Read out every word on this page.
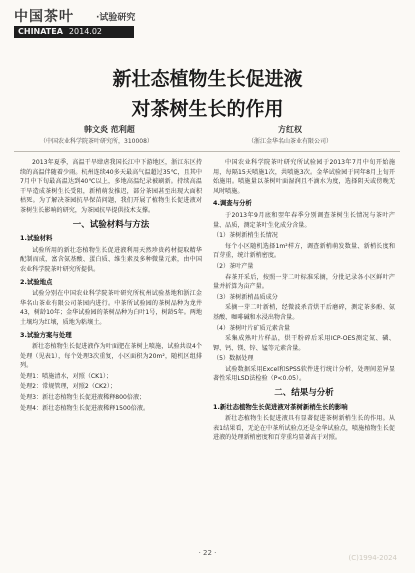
中国茶叶 ·试验研究
CHINATEA 2014.02
新壮态植物生长促进液
对茶树生长的作用
韩文炎 范利超	方红权
（中国农业科学院茶叶研究所，310008）	（浙江金华名山茶业有限公司）

2013年夏季，高温干旱肆虐我国长江中下游地区，浙江东区持续的高温伴随着少雨。杭州连续40多天最高气温超过35℃，且其中7月中下旬最高温达到40℃以上，多地高温纪录被刷新。持续高温干旱造成茶树生长受阻，新梢萌发推迟，部分茶园甚至出现大面积枯死。为了解决茶园抗旱保苗问题，我们开展了植物生长促进液对茶树生长影响的研究，为茶园抗旱提供技术支撑。

一、试验材料与方法
1.试验材料

试验所用的新壮态植物生长促进液利用天然珍贵药材提取精华配制而成，富含氨基酸、蛋白质、维生素及多种微量元素，由中国农业科学院茶叶研究所提供。

2.试验地点

试验分别在中国农业科学院茶叶研究所杭州试验基地和浙江金华名山茶业有限公司茶园内进行。中茶所试验园的茶树品种为龙井43，树龄10年；金华试验园的茶树品种为白叶1号，树龄5年。两地土壤均为红壤，质地为粘壤土。

3.试验方案与处理

新壮态植物生长促进液作为叶面肥在茶树上喷施，试验共设4个处理（见表1），每个处理3次重复，小区面积为20m²，随机区组排列。

处理1：喷施清水，对照（CK1）；

处理2：常规管理，对照2（CK2）；

处理3：新壮态植物生长促进液稀释800倍液；

处理4：新壮态植物生长促进液稀释1500倍液。

中国农业科学院茶叶研究所试验园于2013年7月中旬开始施用，每隔15天喷施1次，共喷施3次。金华试验园于同年8月上旬开始施用。喷施量以茶树叶面湿润且不滴水为度，选择阴天或傍晚无风时喷施。

4.调查与分析

于2013年9月底和翌年春季分别调查茶树生长情况与茶叶产量、品质，测定茶叶生化成分含量。

（1）茶树新梢生长情况

每个小区随机选择1m²样方，调查新梢萌发数量、新梢长度和百芽重，统计新梢密度。

（2）茶叶产量

春茶开采后，按照一芽二叶标准采摘，分批记录各小区鲜叶产量并折算为亩产量。

（3）茶树新梢品质成分

采摘一芽二叶新梢，经微波杀青烘干后磨碎，测定茶多酚、氨基酸、咖啡碱和水浸出物含量。

（4）茶树叶片矿质元素含量

采集成熟叶片样品，烘干粉碎后采用ICP-OES测定氮、磷、钾、钙、镁、锌、锰等元素含量。

（5）数据处理

试验数据采用Excel和SPSS软件进行统计分析，处理间差异显著性采用LSD法检验（P<0.05）。

二、结果与分析
1.新壮态植物生长促进液对茶树新梢生长的影响

新壮态植物生长促进液具有显著促进茶树新梢生长的作用。从表1结果看，无论在中茶所试验点还是金华试验点，喷施植物生长促进液的处理新梢密度和百芽重均显著高于对照。

· 22 ·
(C)1994-2024
